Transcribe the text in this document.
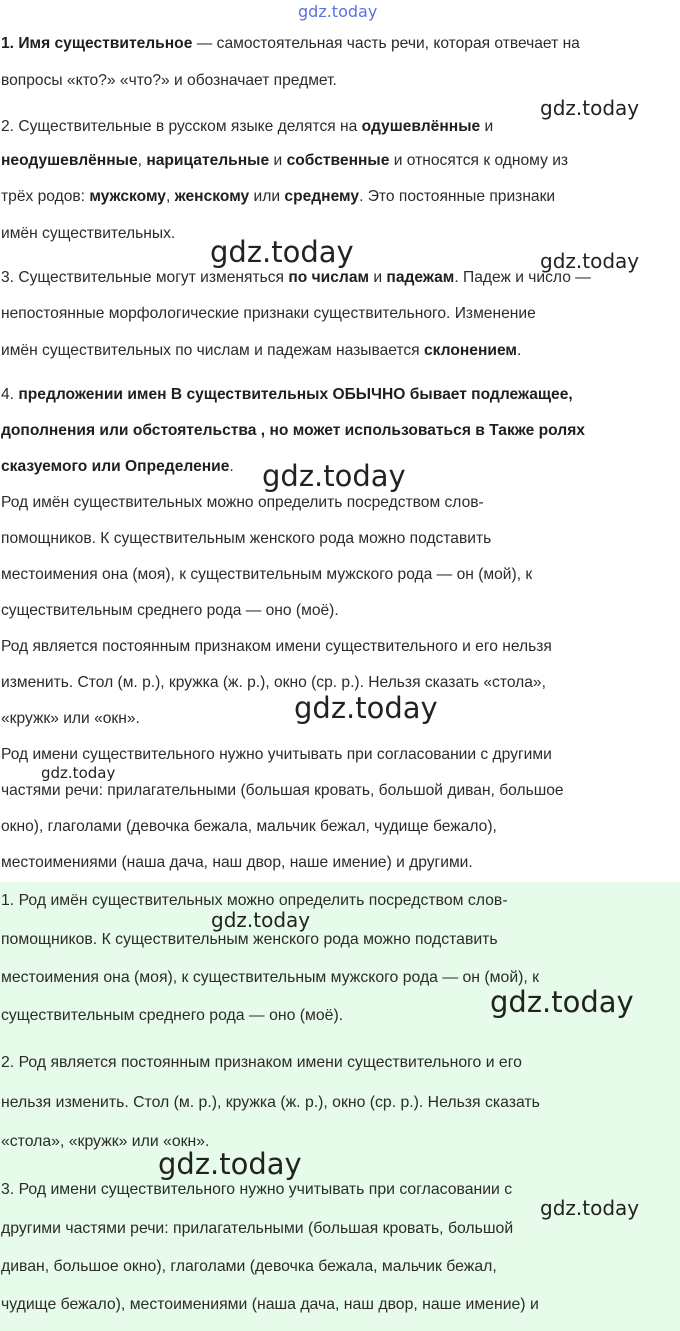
1. Имя существительное — самостоятельная часть речи, которая отвечает на
вопросы «кто?» «что?» и обозначает предмет.
2. Существительные в русском языке делятся на одушевлённые и
неодушевлённые, нарицательные и собственные и относятся к одному из
трёх родов: мужскому, женскому или среднему. Это постоянные признаки
имён существительных.
3. Существительные могут изменяться по числам и падежам. Падеж и число —
непостоянные морфологические признаки существительного. Изменение
имён существительных по числам и падежам называется склонением.
4. предложении имен В существительных ОБЫЧНО бывает подлежащее,
дополнения или обстоятельства , но может использоваться в Также ролях
сказуемого или Определение.
Род имён существительных можно определить посредством слов-
помощников. К существительным женского рода можно подставить
местоимения она (моя), к существительным мужского рода — он (мой), к
существительным среднего рода — оно (моё).
Род является постоянным признаком имени существительного и его нельзя
изменить. Стол (м. р.), кружка (ж. р.), окно (ср. р.). Нельзя сказать «стола»,
«кружк» или «окн».
Род имени существительного нужно учитывать при согласовании с другими
частями речи: прилагательными (большая кровать, большой диван, большое
окно), глаголами (девочка бежала, мальчик бежал, чудище бежало),
местоимениями (наша дача, наш двор, наше имение) и другими.
1. Род имён существительных можно определить посредством слов-
помощников. К существительным женского рода можно подставить
местоимения она (моя), к существительным мужского рода — он (мой), к
существительным среднего рода — оно (моё).
2. Род является постоянным признаком имени существительного и его
нельзя изменить. Стол (м. р.), кружка (ж. р.), окно (ср. р.). Нельзя сказать
«стола», «кружк» или «окн».
3. Род имени существительного нужно учитывать при согласовании с
другими частями речи: прилагательными (большая кровать, большой
диван, большое окно), глаголами (девочка бежала, мальчик бежал,
чудище бежало), местоимениями (наша дача, наш двор, наше имение) и
gdz.today
gdz.today
gdz.today	gdz.today
gdz.today
gdz.today
gdz.today
gdz.today
gdz.today
gdz.today
gdz.today
